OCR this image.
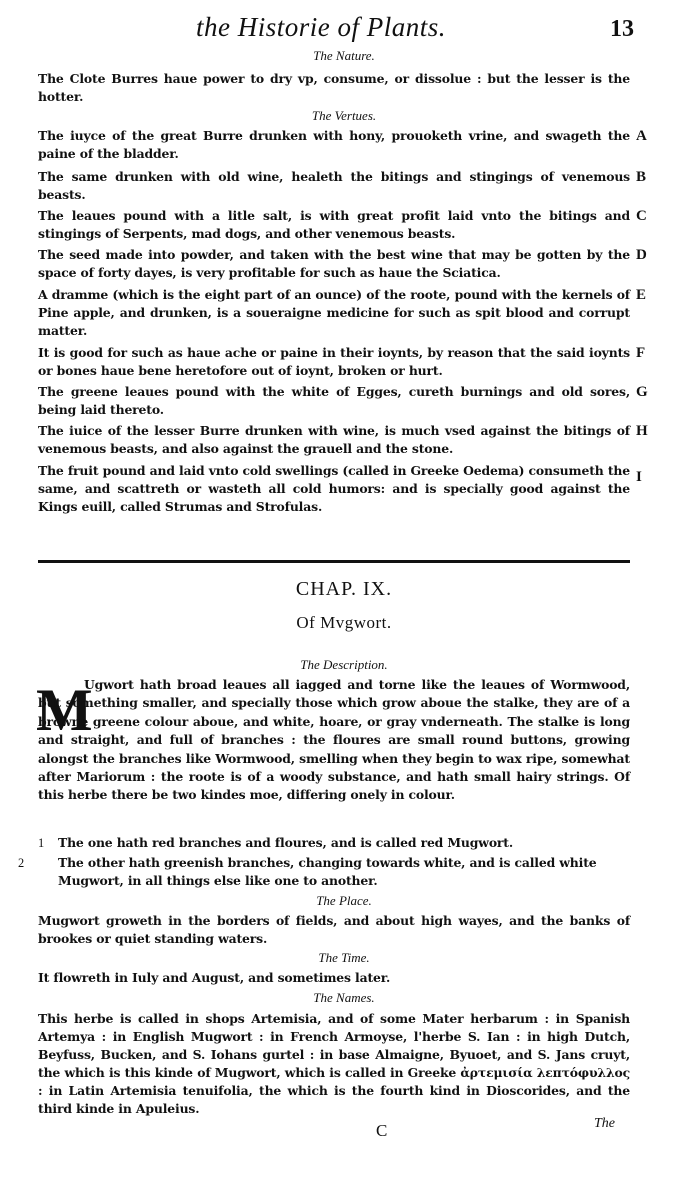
the Historie of Plants.	13
The Nature.
The Clote Burres haue power to dry vp, consume, or dissolue : but the lesser is the hotter.
The Vertues.
The iuyce of the great Burre drunken with hony, prouoketh vrine, and swageth the paine of the bladder.
A
The same drunken with old wine, healeth the bitings and stingings of venemous beasts.
B
The leaues pound with a litle salt, is with great profit laid vnto the bitings and stingings of Serpents, mad dogs, and other venemous beasts.
C
The seed made into powder, and taken with the best wine that may be gotten by the space of forty dayes, is very profitable for such as haue the Sciatica.
D
A dramme (which is the eight part of an ounce) of the roote, pound with the kernels of Pine apple, and drunken, is a soueraigne medicine for such as spit blood and corrupt matter.
E
It is good for such as haue ache or paine in their ioynts, by reason that the said ioynts or bones haue bene heretofore out of ioynt, broken or hurt.
F
The greene leaues pound with the white of Egges, cureth burnings and old sores, being laid thereto.
G
The iuice of the lesser Burre drunken with wine, is much vsed against the bitings of venemous beasts, and also against the grauell and the stone.
H
The fruit pound and laid vnto cold swellings (called in Greeke Oedema) consumeth the same, and scattreth or wasteth all cold humors: and is specially good against the Kings euill, called Strumas and Strofulas.
I
CHAP. IX.
Of Mvgwort.
The Description.
M
Ugwort hath broad leaues all iagged and torne like the leaues of Wormwood, but something smaller, and specially those which grow aboue the stalke, they are of a browne greene colour aboue, and white, hoare, or gray vnderneath. The stalke is long and straight, and full of branches : the floures are small round buttons, growing alongst the branches like Wormwood, smelling when they begin to wax ripe, somewhat after Mariorum : the roote is of a woody substance, and hath small hairy strings. Of this herbe there be two kindes moe, differing onely in colour.
1 The one hath red branches and floures, and is called red Mugwort.
2	The other hath greenish branches, changing towards white, and is called white Mugwort, in all things else like one to another.
The Place.
Mugwort groweth in the borders of fields, and about high wayes, and the banks of brookes or quiet standing waters.
The Time.
It flowreth in Iuly and August, and sometimes later.
The Names.
This herbe is called in shops Artemisia, and of some Mater herbarum : in Spanish Artemya : in English Mugwort : in French Armoyse, l'herbe S. Ian : in high Dutch, Beyfuss, Bucken, and S. Iohans gurtel : in base Almaigne, Byuoet, and S. Jans cruyt, the which is this kinde of Mugwort, which is called in Greeke ἀρτεμισία λεπτόφυλλος : in Latin Artemisia tenuifolia, the which is the fourth kind in Dioscorides, and the third kinde in Apuleius.
C	The
